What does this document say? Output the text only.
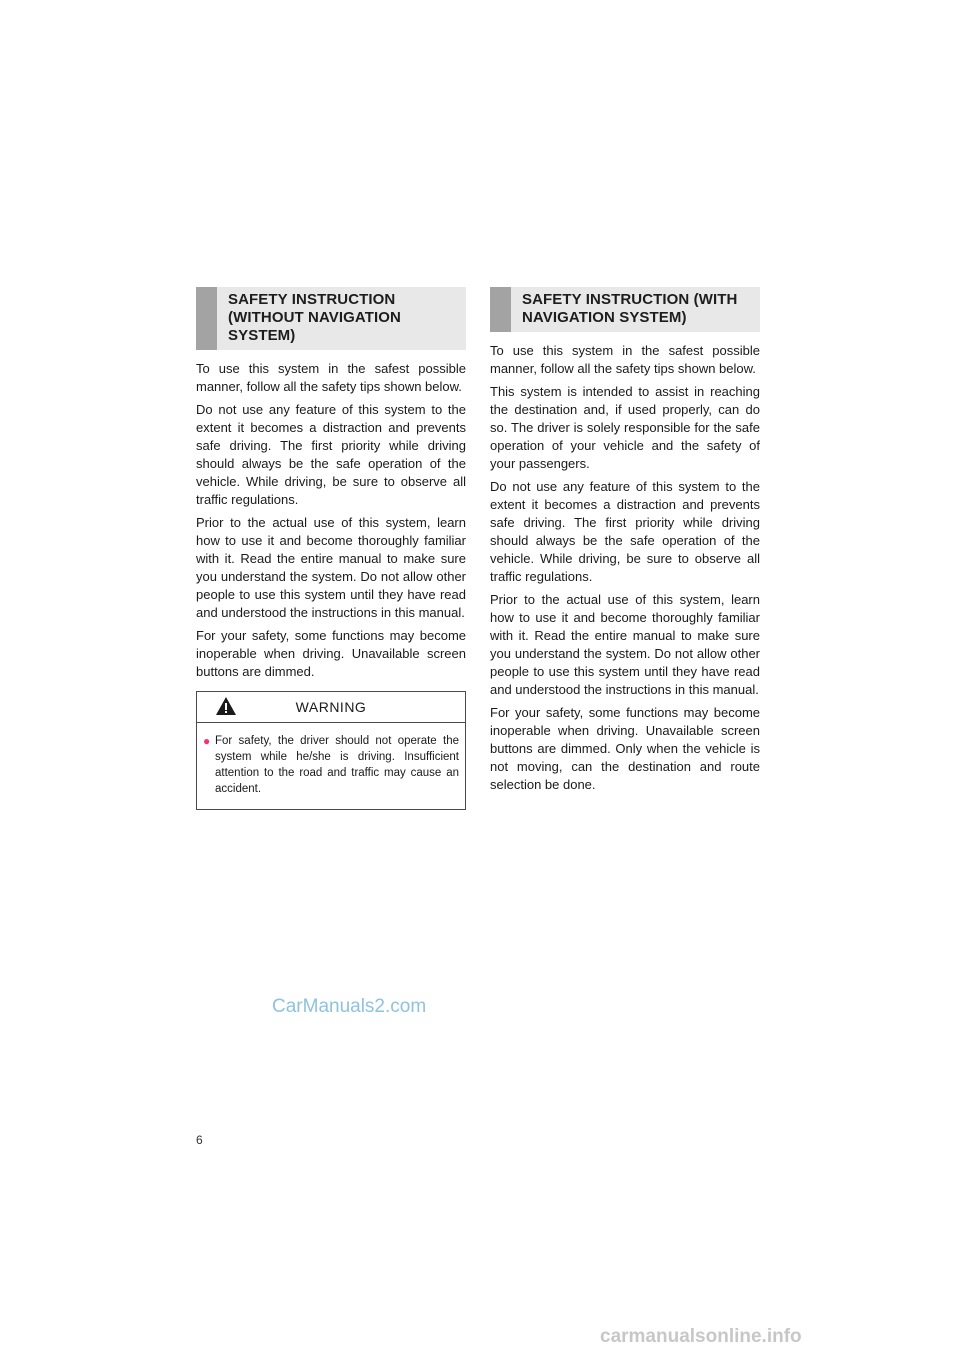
SAFETY INSTRUCTION (WITHOUT NAVIGATION SYSTEM)

To use this system in the safest possible manner, follow all the safety tips shown below.

Do not use any feature of this system to the extent it becomes a distraction and prevents safe driving. The first priority while driving should always be the safe operation of the vehicle. While driving, be sure to observe all traffic regulations.

Prior to the actual use of this system, learn how to use it and become thoroughly familiar with it. Read the entire manual to make sure you understand the system. Do not allow other people to use this system until they have read and understood the instructions in this manual.

For your safety, some functions may become inoperable when driving. Unavailable screen buttons are dimmed.

WARNING
● For safety, the driver should not operate the system while he/she is driving. Insufficient attention to the road and traffic may cause an accident.
SAFETY INSTRUCTION (WITH NAVIGATION SYSTEM)

To use this system in the safest possible manner, follow all the safety tips shown below.

This system is intended to assist in reaching the destination and, if used properly, can do so. The driver is solely responsible for the safe operation of your vehicle and the safety of your passengers.

Do not use any feature of this system to the extent it becomes a distraction and prevents safe driving. The first priority while driving should always be the safe operation of the vehicle. While driving, be sure to observe all traffic regulations.

Prior to the actual use of this system, learn how to use it and become thoroughly familiar with it. Read the entire manual to make sure you understand the system. Do not allow other people to use this system until they have read and understood the instructions in this manual.

For your safety, some functions may become inoperable when driving. Unavailable screen buttons are dimmed. Only when the vehicle is not moving, can the destination and route selection be done.

CarManuals2.com
6
carmanualsonline.info
